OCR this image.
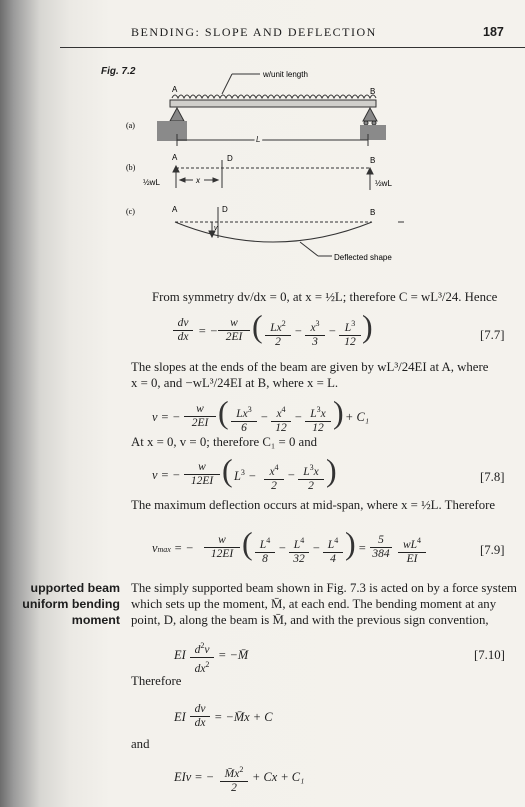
BENDING: SLOPE AND DEFLECTION	187
Fig. 7.2
A	B
w/unit length
L
(a)
A	D	B
x
½wL	½wL
(b)
A	D	B
v
Deflected shape
(c)
From symmetry dv/dx = 0, at x = ½L; therefore C = wL³/24. Hence
$\frac{dv}{dx}$ = − $\frac{w}{2EI}$ ( $\frac{Lx^2}{2} - \frac{x^3}{3} - \frac{L^3}{12}$ )	[7.7]
The slopes at the ends of the beam are given by wL³/24EI at A, where
x = 0, and −wL³/24EI at B, where x = L.
v = − $\frac{w}{2EI}$ ( $\frac{Lx^3}{6} - \frac{x^4}{12} - \frac{L^3x}{12}$ ) + C₁
At x = 0, v = 0; therefore C₁ = 0 and
v = − $\frac{w}{12EI}$ ( $L^3 - \frac{x^4}{2} - \frac{L^3x}{2}$ )	[7.8]
The maximum deflection occurs at mid-span, where x = ½L. Therefore
vmax = − $\frac{w}{12EI}$ ( $\frac{L^4}{8} - \frac{L^4}{32} - \frac{L^4}{4}$ ) = $\frac{5}{384} \frac{wL^4}{EI}$	[7.9]
upported beam
uniform bending
moment
The simply supported beam shown in Fig. 7.3 is acted on by a force system
which sets up the moment, M̄, at each end. The bending moment at any
point, D, along the beam is M̄, and with the previous sign convention,
EI $\frac{d^2v}{dx^2}$ = −M̄	[7.10]
Therefore
EI $\frac{dv}{dx}$ = −M̄x + C
and
EIv = − $\frac{M̄x^2}{2} + Cx + C_1$
